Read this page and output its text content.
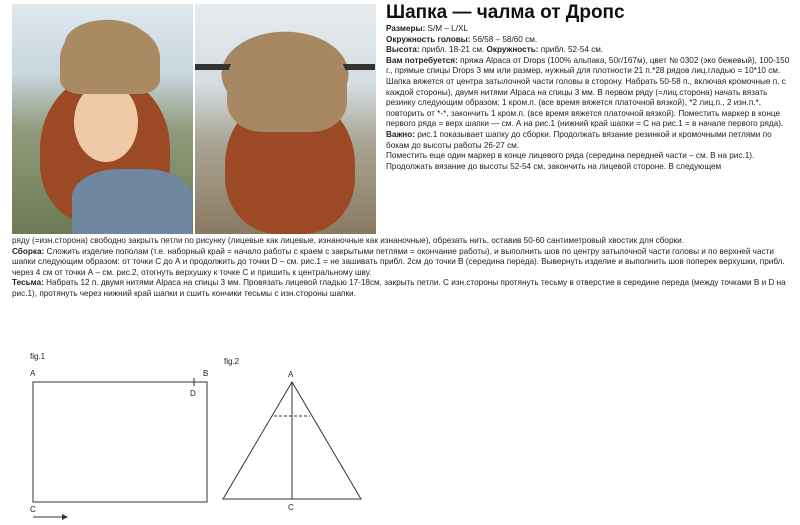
Шапка — чалма от Дропс

Размеры: S/M – L/XL

Окружность головы: 56/58 – 58/60 см.

Высота: прибл. 18-21 см. Окружность: прибл. 52-54 см.

Вам потребуется: пряжа Alpaca от Drops (100% альпака, 50г/167м), цвет № 0302 (эко бежевый), 100-150 г., прямые спицы Drops 3 мм или размер, нужный для плотности 21 п.*28 рядов лиц.гладью = 10*10 см.

Шапка вяжется от центра затылочной части головы в сторону. Набрать 50-58 п., включая кромочные п. с каждой стороны), двумя нитями Alpaca на спицы 3 мм. В первом ряду (=лиц.сторона) начать вязать резинку следующим образом: 1 кром.п. (все время вяжется платочной вязкой), *2 лиц.п., 2 изн.п.*, повторить от *-*, закончить 1 кром.п. (все время вяжется платочной вязкой). Поместить маркер в конце первого ряда = верх шапки — см. А на рис.1 (нижний край шапки = С на рис.1 = в начале первого ряда).

Важно: рис.1 показывает шапку до сборки. Продолжать вязание резинкой и кромочными петлями по бокам до высоты работы 26-27 см.

Поместить еще один маркер в конце лицевого ряда (середина передней части – см. В на рис.1).

Продолжать вязание до высоты 52-54 см, закончить на лицевой стороне. В следующем

ряду (=изн.сторона) свободно закрыть петли по рисунку (лицевые как лицевые, изнаночные как изнаночные), обрезать нить, оставив 50-60 сантиметровый хвостик для сборки.

Сборка: Сложить изделие пополам (т.е. наборный край = начало работы с краем с закрытыми петлями = окончание работы), и выполнить шов по центру затылочной части головы и по верхней части шапки следующим образом: от точки С до А и продолжить до точки D – см. рис.1 = не зашивать прибл. 2см до точки В (середина переда). Вывернуть изделие и выполнить шов поперек верхушки, прибл. через 4 см от точки А – см. рис.2, отогнуть верхушку к точке С и пришить к центральному шву.

Тесьма: Набрать 12 п. двумя нитями Alpaca на спицы 3 мм. Провязать лицевой гладью 17-18см, закрыть петли. С изн.стороны протянуть тесьму в отверстие в середине переда (между точками В и D на рис.1), протянуть через нижний край шапки и сшить кончики тесьмы с изн.стороны шапки.

fig.1
A	B
D
C
fig.2
A
C
